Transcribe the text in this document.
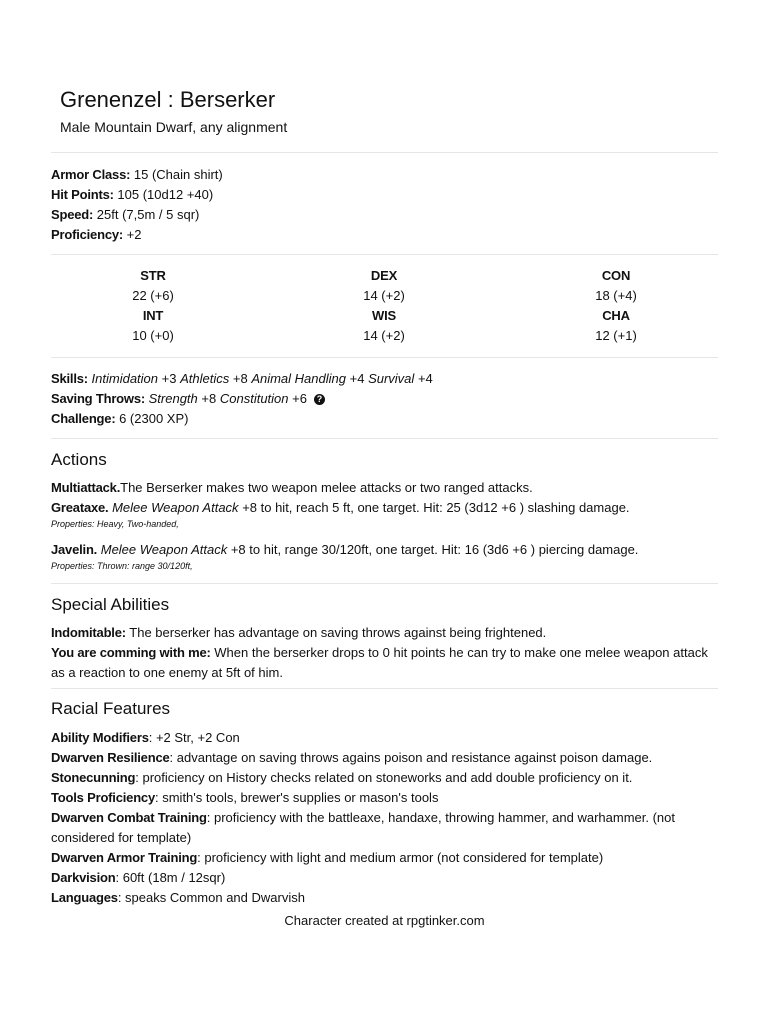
Grenenzel : Berserker
Male Mountain Dwarf, any alignment
Armor Class: 15 (Chain shirt)
Hit Points: 105 (10d12 +40)
Speed: 25ft (7,5m / 5 sqr)
Proficiency: +2
STR
22 (+6)
DEX
14 (+2)
CON
18 (+4)
INT
10 (+0)
WIS
14 (+2)
CHA
12 (+1)
Skills: Intimidation +3 Athletics +8 Animal Handling +4 Survival +4
Saving Throws: Strength +8 Constitution +6 ?
Challenge: 6 (2300 XP)
Actions
Multiattack.The Berserker makes two weapon melee attacks or two ranged attacks.
Greataxe. Melee Weapon Attack +8 to hit, reach 5 ft, one target. Hit: 25 (3d12 +6 ) slashing damage.
Properties: Heavy, Two-handed,
Javelin. Melee Weapon Attack +8 to hit, range 30/120ft, one target. Hit: 16 (3d6 +6 ) piercing damage.
Properties: Thrown: range 30/120ft,
Special Abilities
Indomitable: The berserker has advantage on saving throws against being frightened.
You are comming with me: When the berserker drops to 0 hit points he can try to make one melee weapon attack
as a reaction to one enemy at 5ft of him.
Racial Features
Ability Modifiers: +2 Str, +2 Con
Dwarven Resilience: advantage on saving throws agains poison and resistance against poison damage.
Stonecunning: proficiency on History checks related on stoneworks and add double proficiency on it.
Tools Proficiency: smith's tools, brewer's supplies or mason's tools
Dwarven Combat Training: proficiency with the battleaxe, handaxe, throwing hammer, and warhammer. (not
considered for template)
Dwarven Armor Training: proficiency with light and medium armor (not considered for template)
Darkvision: 60ft (18m / 12sqr)
Languages: speaks Common and Dwarvish
Character created at rpgtinker.com
